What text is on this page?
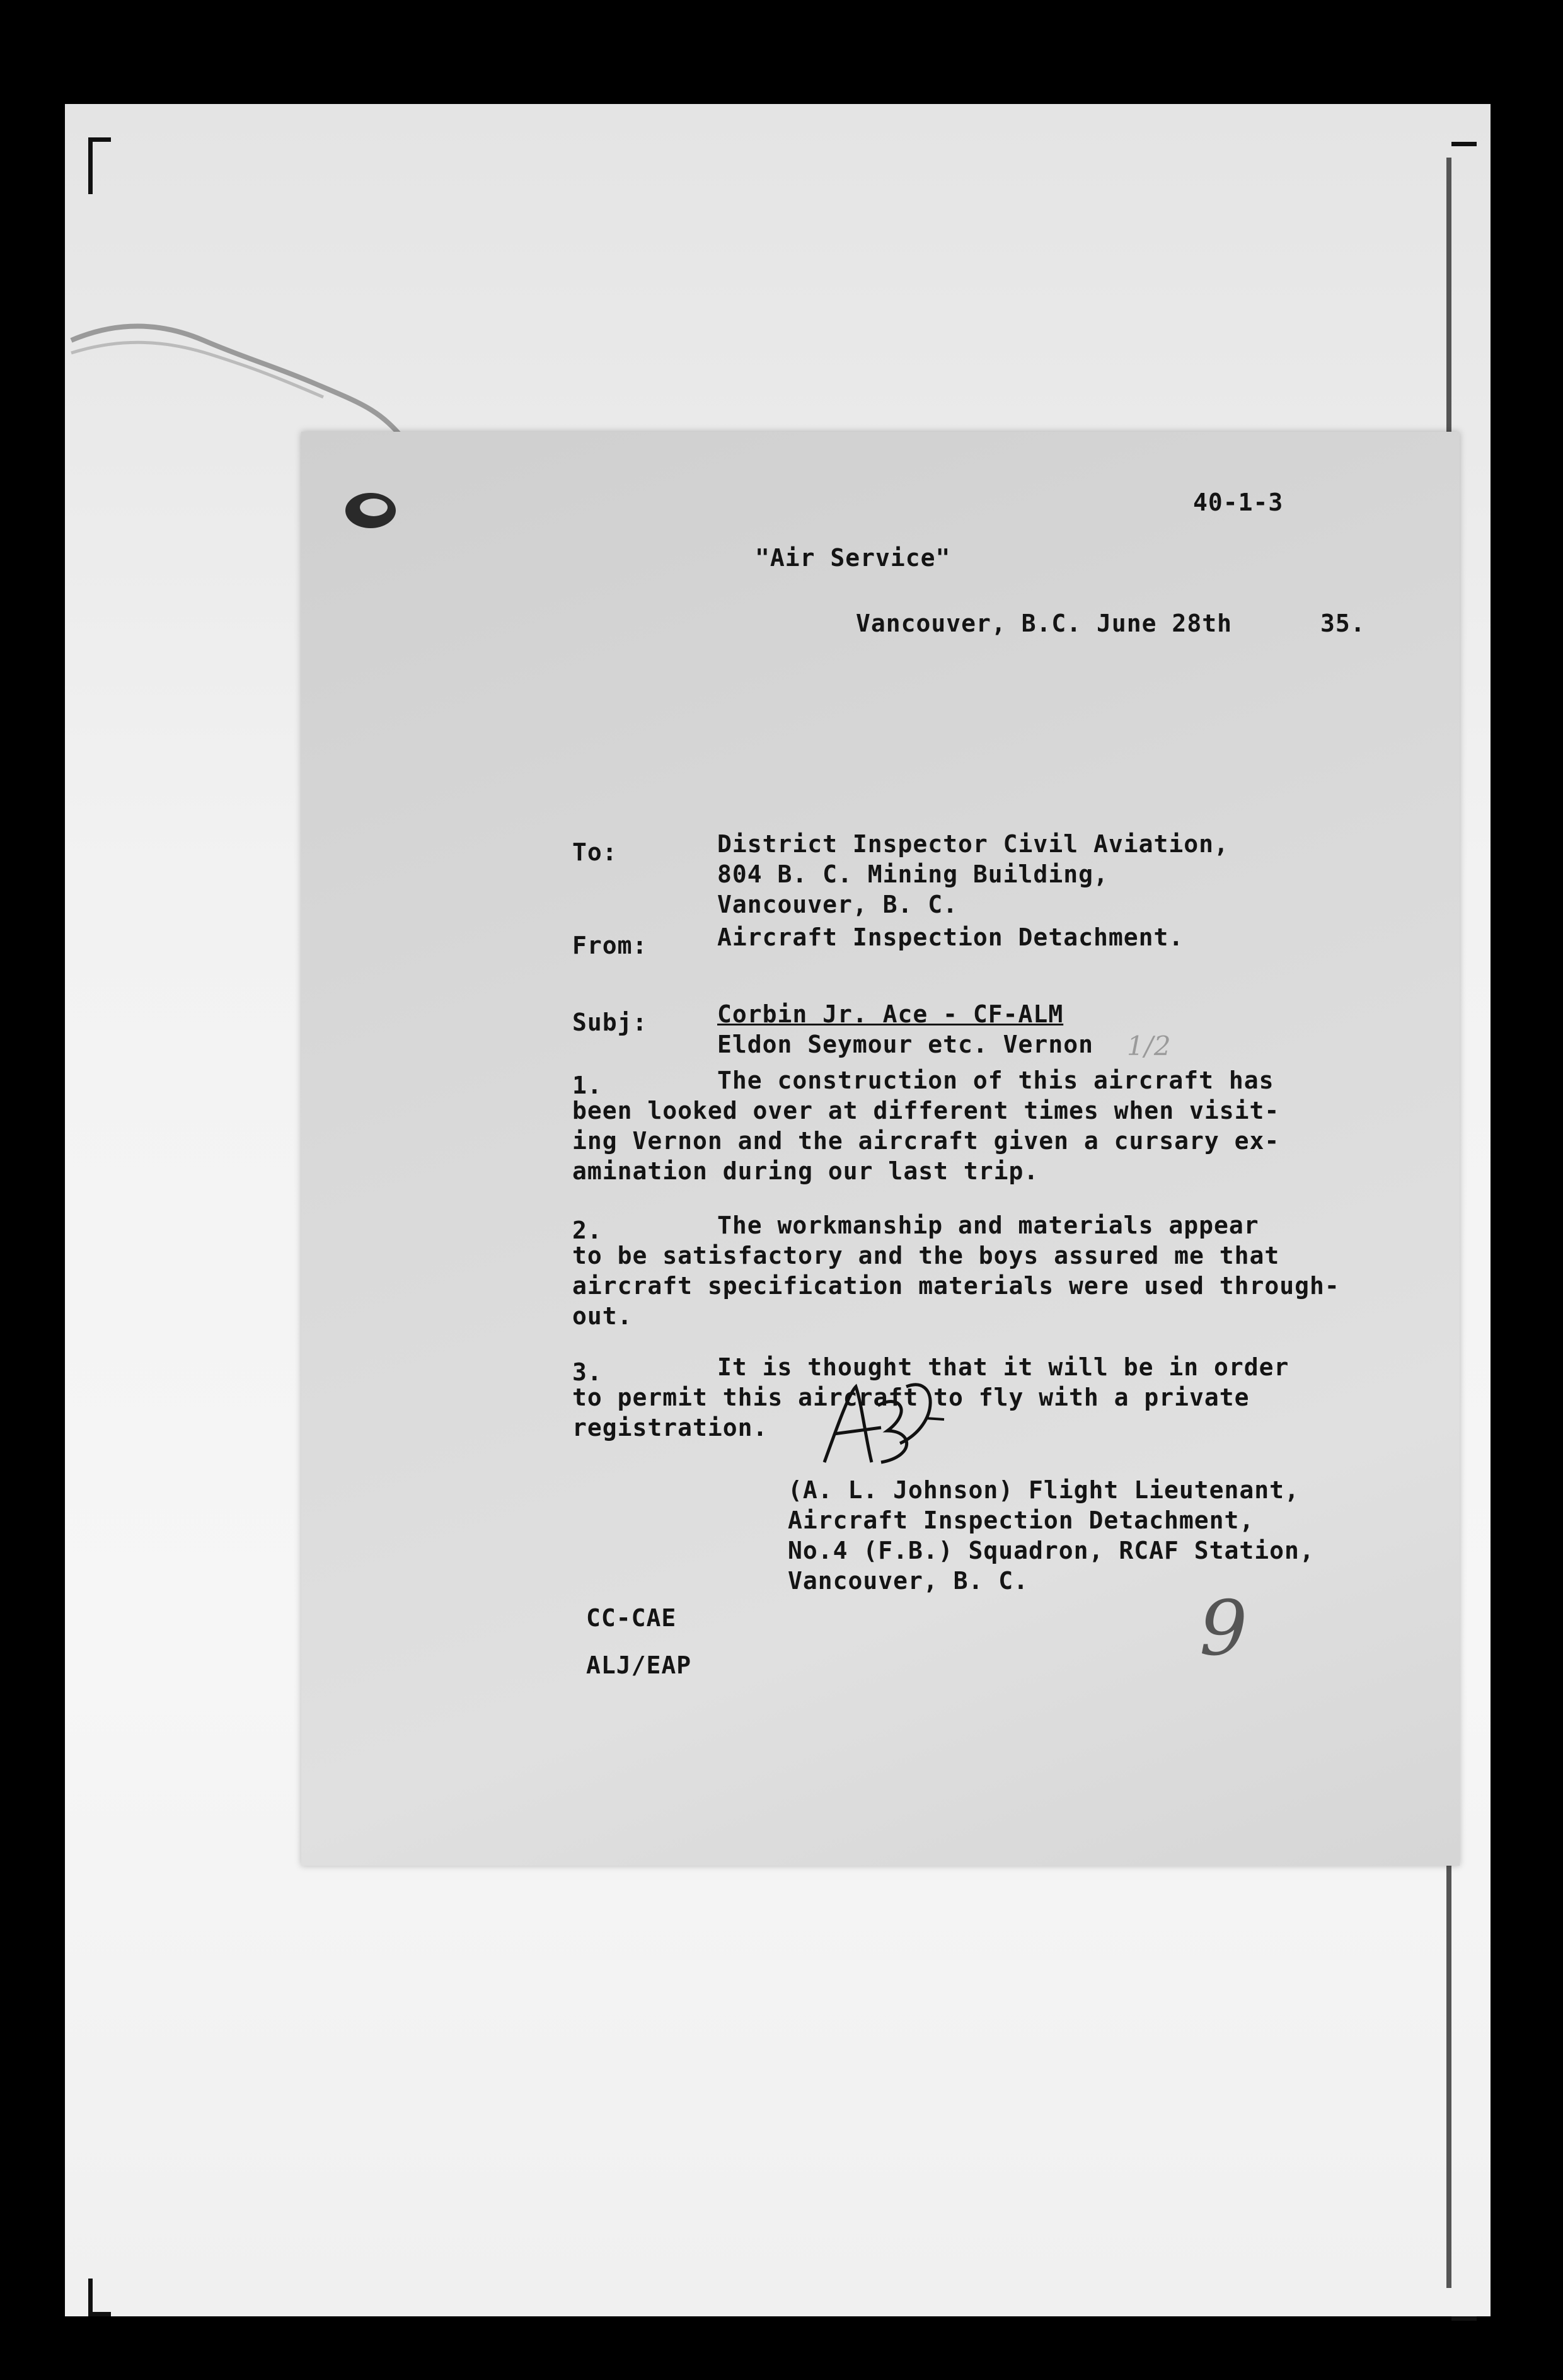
40-1-3
"Air Service"
Vancouver, B.C. June 28th	35.
To:	District Inspector Civil Aviation,
804 B. C. Mining Building,
Vancouver, B. C.
From:	Aircraft Inspection Detachment.
Subj:	Corbin Jr. Ace - CF-ALM
Eldon Seymour etc. Vernon 1/2
1.	The construction of this aircraft has
been looked over at different times when visit-
ing Vernon and the aircraft given a cursary ex-
amination during our last trip.
2.	The workmanship and materials appear
to be satisfactory and the boys assured me that
aircraft specification materials were used through-
out.
3.	It is thought that it will be in order
to permit this aircraft to fly with a private
registration.
(A. L. Johnson) Flight Lieutenant,
Aircraft Inspection Detachment,
No.4 (F.B.) Squadron, RCAF Station,
Vancouver, B. C.
CC-CAE
ALJ/EAP	9
